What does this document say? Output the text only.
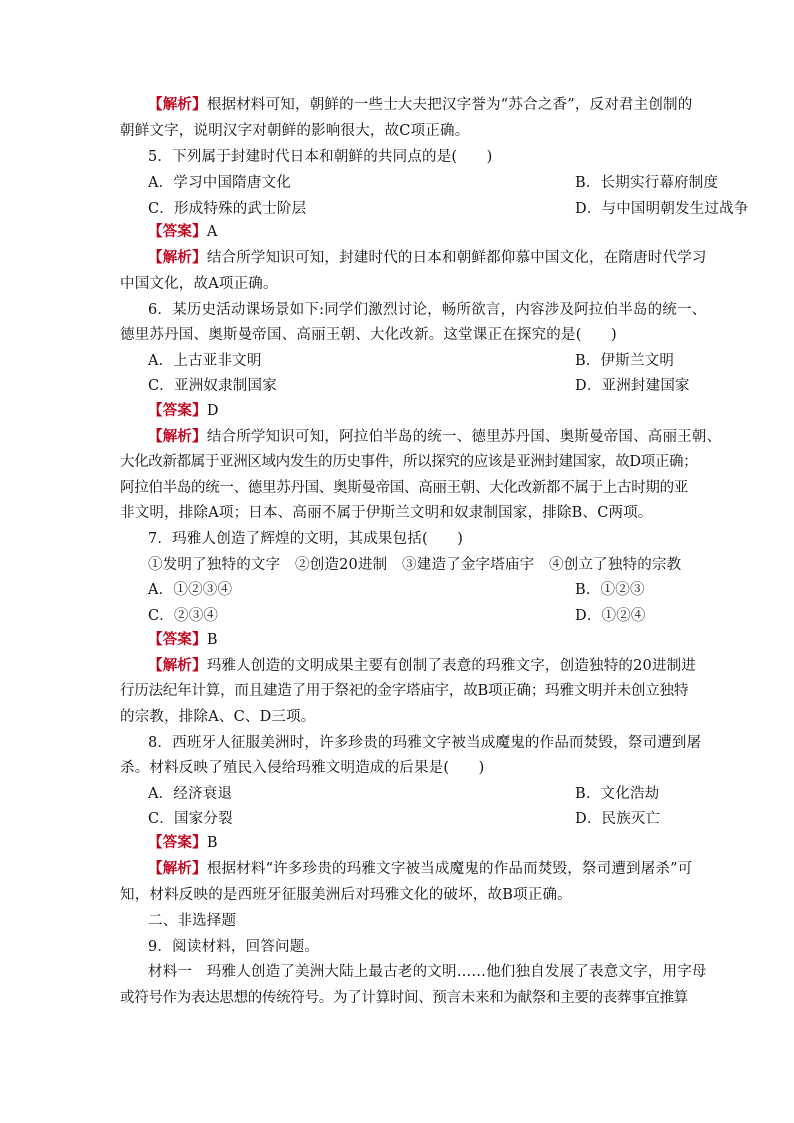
【解析】根据材料可知，朝鲜的一些士大夫把汉字誉为“苏合之香”，反对君主创制的
朝鲜文字，说明汉字对朝鲜的影响很大，故C项正确。
5．下列属于封建时代日本和朝鲜的共同点的是(　　)
A．学习中国隋唐文化	B．长期实行幕府制度
C．形成特殊的武士阶层	D．与中国明朝发生过战争
【答案】A
【解析】结合所学知识可知，封建时代的日本和朝鲜都仰慕中国文化，在隋唐时代学习
中国文化，故A项正确。
6．某历史活动课场景如下:同学们激烈讨论，畅所欲言，内容涉及阿拉伯半岛的统一、
德里苏丹国、奥斯曼帝国、高丽王朝、大化改新。这堂课正在探究的是(　　)
A．上古亚非文明	B．伊斯兰文明
C．亚洲奴隶制国家	D．亚洲封建国家
【答案】D
【解析】结合所学知识可知，阿拉伯半岛的统一、德里苏丹国、奥斯曼帝国、高丽王朝、
大化改新都属于亚洲区域内发生的历史事件，所以探究的应该是亚洲封建国家，故D项正确；
阿拉伯半岛的统一、德里苏丹国、奥斯曼帝国、高丽王朝、大化改新都不属于上古时期的亚
非文明，排除A项；日本、高丽不属于伊斯兰文明和奴隶制国家，排除B、C两项。
7．玛雅人创造了辉煌的文明，其成果包括(　　)
①发明了独特的文字　②创造20进制　③建造了金字塔庙宇　④创立了独特的宗教
A．①②③④	B．①②③
C．②③④	D．①②④
【答案】B
【解析】玛雅人创造的文明成果主要有创制了表意的玛雅文字，创造独特的20进制进
行历法纪年计算，而且建造了用于祭祀的金字塔庙宇，故B项正确；玛雅文明并未创立独特
的宗教，排除A、C、D三项。
8．西班牙人征服美洲时，许多珍贵的玛雅文字被当成魔鬼的作品而焚毁，祭司遭到屠
杀。材料反映了殖民入侵给玛雅文明造成的后果是(　　)
A．经济衰退	B．文化浩劫
C．国家分裂	D．民族灭亡
【答案】B
【解析】根据材料“许多珍贵的玛雅文字被当成魔鬼的作品而焚毁，祭司遭到屠杀”可
知，材料反映的是西班牙征服美洲后对玛雅文化的破坏，故B项正确。
二、非选择题
9．阅读材料，回答问题。
材料一　玛雅人创造了美洲大陆上最古老的文明……他们独自发展了表意文字，用字母
或符号作为表达思想的传统符号。为了计算时间、预言未来和为献祭和主要的丧葬事宜推算
